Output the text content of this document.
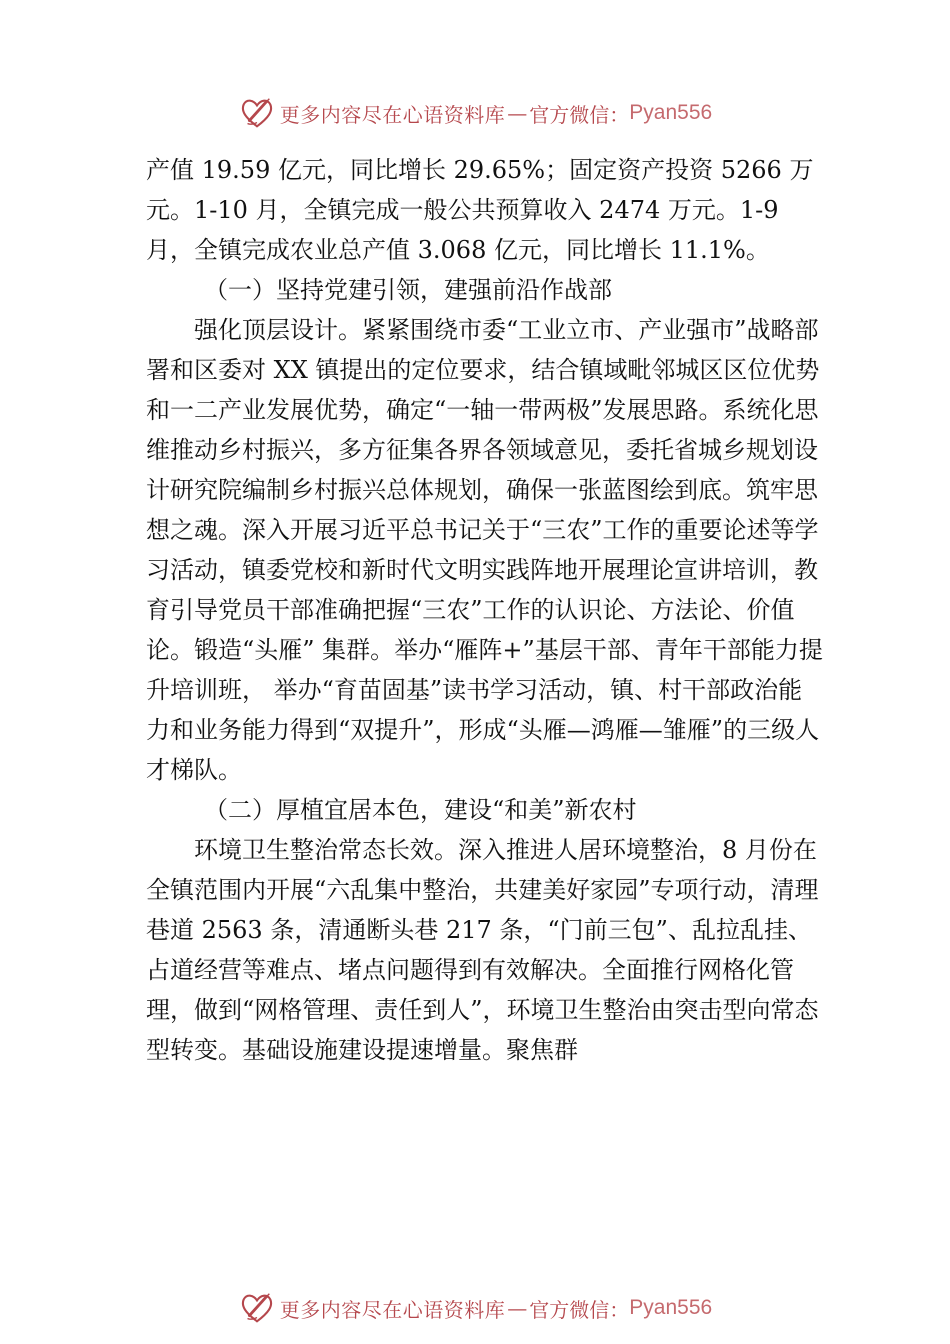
更多内容尽在心语资料库 — 官方微信： Pyan556

产值 19.59 亿元，同比增长 29.65%；固定资产投资 5266 万元。1-10 月，全镇完成一般公共预算收入 2474 万元。1-9 月，全镇完成农业总产值 3.068 亿元，同比增长 11.1%。

（一）坚持党建引领，建强前沿作战部

强化顶层设计。紧紧围绕市委“工业立市、产业强市”战略部署和区委对 XX 镇提出的定位要求，结合镇域毗邻城区区位优势和一二产业发展优势，确定“一轴一带两极”发展思路。系统化思维推动乡村振兴，多方征集各界各领域意见，委托省城乡规划设计研究院编制乡村振兴总体规划，确保一张蓝图绘到底。筑牢思想之魂。深入开展习近平总书记关于“三农”工作的重要论述等学习活动，镇委党校和新时代文明实践阵地开展理论宣讲培训，教育引导党员干部准确把握“三农”工作的认识论、方法论、价值论。锻造“头雁” 集群。举办“雁阵+”基层干部、青年干部能力提升培训班， 举办“育苗固基”读书学习活动，镇、村干部政治能力和业务能力得到“双提升”，形成“头雁—鸿雁—雏雁”的三级人才梯队。

（二）厚植宜居本色，建设“和美”新农村

环境卫生整治常态长效。深入推进人居环境整治，8 月份在全镇范围内开展“六乱集中整治，共建美好家园”专项行动，清理巷道 2563 条，清通断头巷 217 条，“门前三包”、乱拉乱挂、占道经营等难点、堵点问题得到有效解决。全面推行网格化管理，做到“网格管理、责任到人”，环境卫生整治由突击型向常态型转变。基础设施建设提速增量。聚焦群

更多内容尽在心语资料库 — 官方微信： Pyan556
